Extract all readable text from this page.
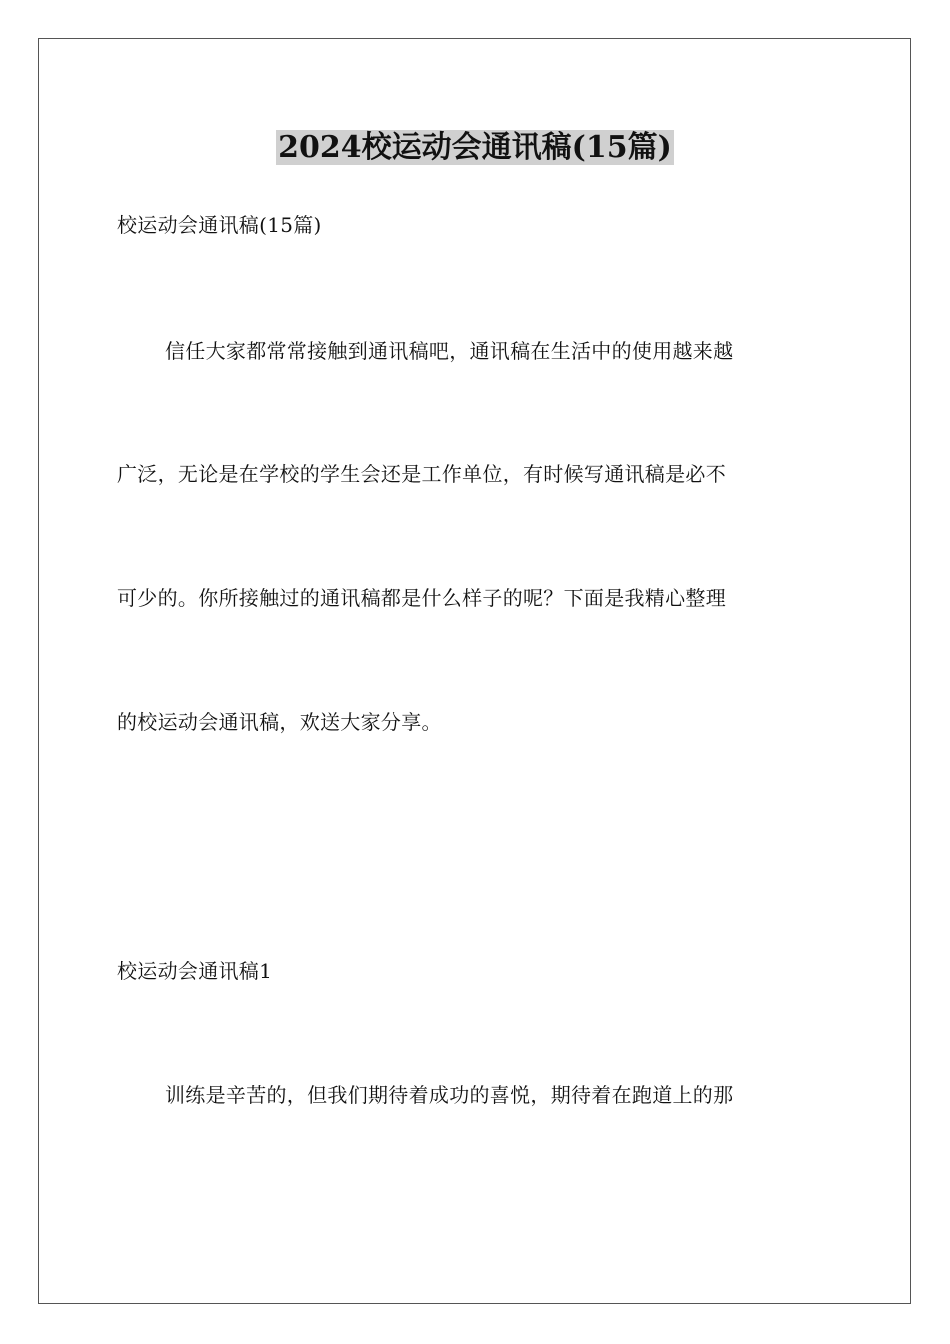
2024校运动会通讯稿(15篇)
校运动会通讯稿(15篇)
信任大家都常常接触到通讯稿吧，通讯稿在生活中的使用越来越
广泛，无论是在学校的学生会还是工作单位，有时候写通讯稿是必不
可少的。你所接触过的通讯稿都是什么样子的呢？下面是我精心整理
的校运动会通讯稿，欢送大家分享。
校运动会通讯稿1
训练是辛苦的，但我们期待着成功的喜悦，期待着在跑道上的那
